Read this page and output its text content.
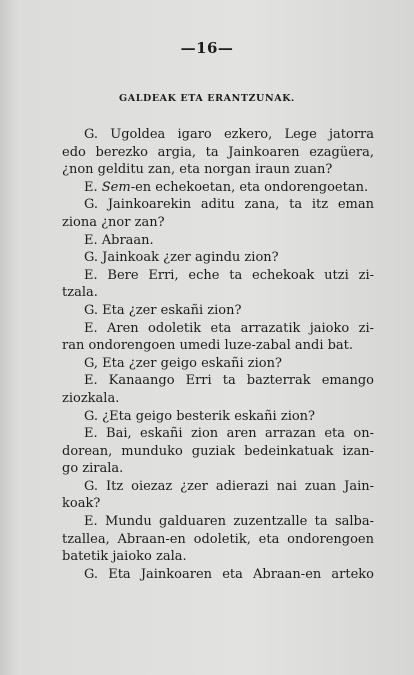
—16—
GALDEAK ETA ERANTZUNAK.
G. Ugoldea igaro ezkero, Lege jatorra
edo berezko argia, ta Jainkoaren ezagüera,
¿non gelditu zan, eta norgan iraun zuan?
E. Sem-en echekoetan, eta ondorengoetan.
G. Jainkoarekin aditu zana, ta itz eman
ziona ¿nor zan?
E. Abraan.
G. Jainkoak ¿zer agindu zion?
E. Bere Erri, eche ta echekoak utzi zi-
tzala.
G. Eta ¿zer eskañi zion?
E. Aren odoletik eta arrazatik jaioko zi-
ran ondorengoen umedi luze-zabal andi bat.
G, Eta ¿zer geigo eskañi zion?
E. Kanaango Erri ta bazterrak emango
ziozkala.
G. ¿Eta geigo besterik eskañi zion?
E. Bai, eskañi zion aren arrazan eta on-
dorean, munduko guziak bedeinkatuak izan-
go zirala.
G. Itz oiezaz ¿zer adierazi nai zuan Jain-
koak?
E. Mundu galduaren zuzentzalle ta salba-
tzallea, Abraan-en odoletik, eta ondorengoen
batetik jaioko zala.
G. Eta Jainkoaren eta Abraan-en arteko
